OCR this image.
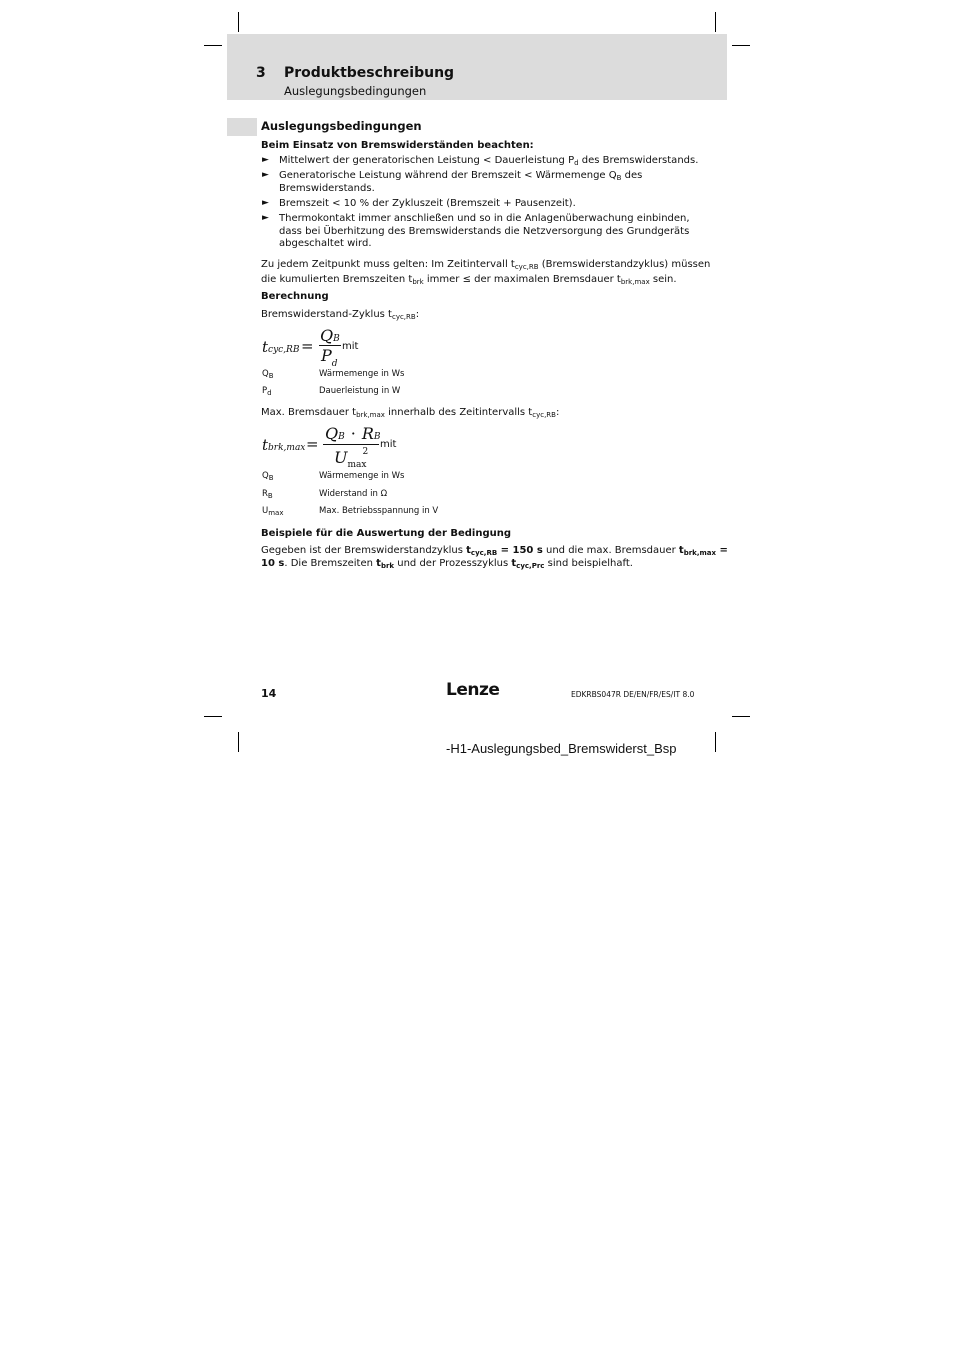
3 Produktbeschreibung
Auslegungsbedingungen
Auslegungsbedingungen
Beim Einsatz von Bremswiderständen beachten:
► Mittelwert der generatorischen Leistung < Dauerleistung $P_d$ des Bremswiderstands.
► Generatorische Leistung während der Bremszeit < Wärmemenge $Q_B$ des
Bremswiderstands.
► Bremszeit < 10 % der Zykluszeit (Bremszeit + Pausenzeit).
► Thermokontakt immer anschließen und so in die Anlagenüberwachung einbinden,
dass bei Überhitzung des Bremswiderstands die Netzversorgung des Grundgeräts
abgeschaltet wird.
Zu jedem Zeitpunkt muss gelten: Im Zeitintervall $t_{cyc,RB}$ (Bremswiderstandzyklus) müssen
die kumulierten Bremszeiten $t_{brk}$ immer ≤ der maximalen Bremsdauer $t_{brk,max}$ sein.
Berechnung
Bremswiderstand-Zyklus $t_{cyc,RB}$:
tcyc,RB =
QB
$P_d$
mit
$Q_B$	Wärmemenge in Ws
$P_d$	Dauerleistung in W
Max. Bremsdauer $t_{brk,max}$ innerhalb des Zeitintervalls $t_{cyc,RB}$:
tbrk,max =
QB · RB
$U_{max}^2$
mit
$Q_B$	Wärmemenge in Ws
$R_B$	Widerstand in Ω
$U_{max}$	Max. Betriebsspannung in V
Beispiele für die Auswertung der Bedingung
Gegeben ist der Bremswiderstandzyklus $t_{cyc,RB} = 150$ s und die max. Bremsdauer $t_{brk,max}$ =
10 s. Die Bremszeiten $t_{brk}$ und der Prozesszyklus $t_{cyc,Prc}$ sind beispielhaft.
14	Lenze	EDKRBS047R DE/EN/FR/ES/IT 8.0
-H1-Auslegungsbed_Bremswiderst_Bsp
